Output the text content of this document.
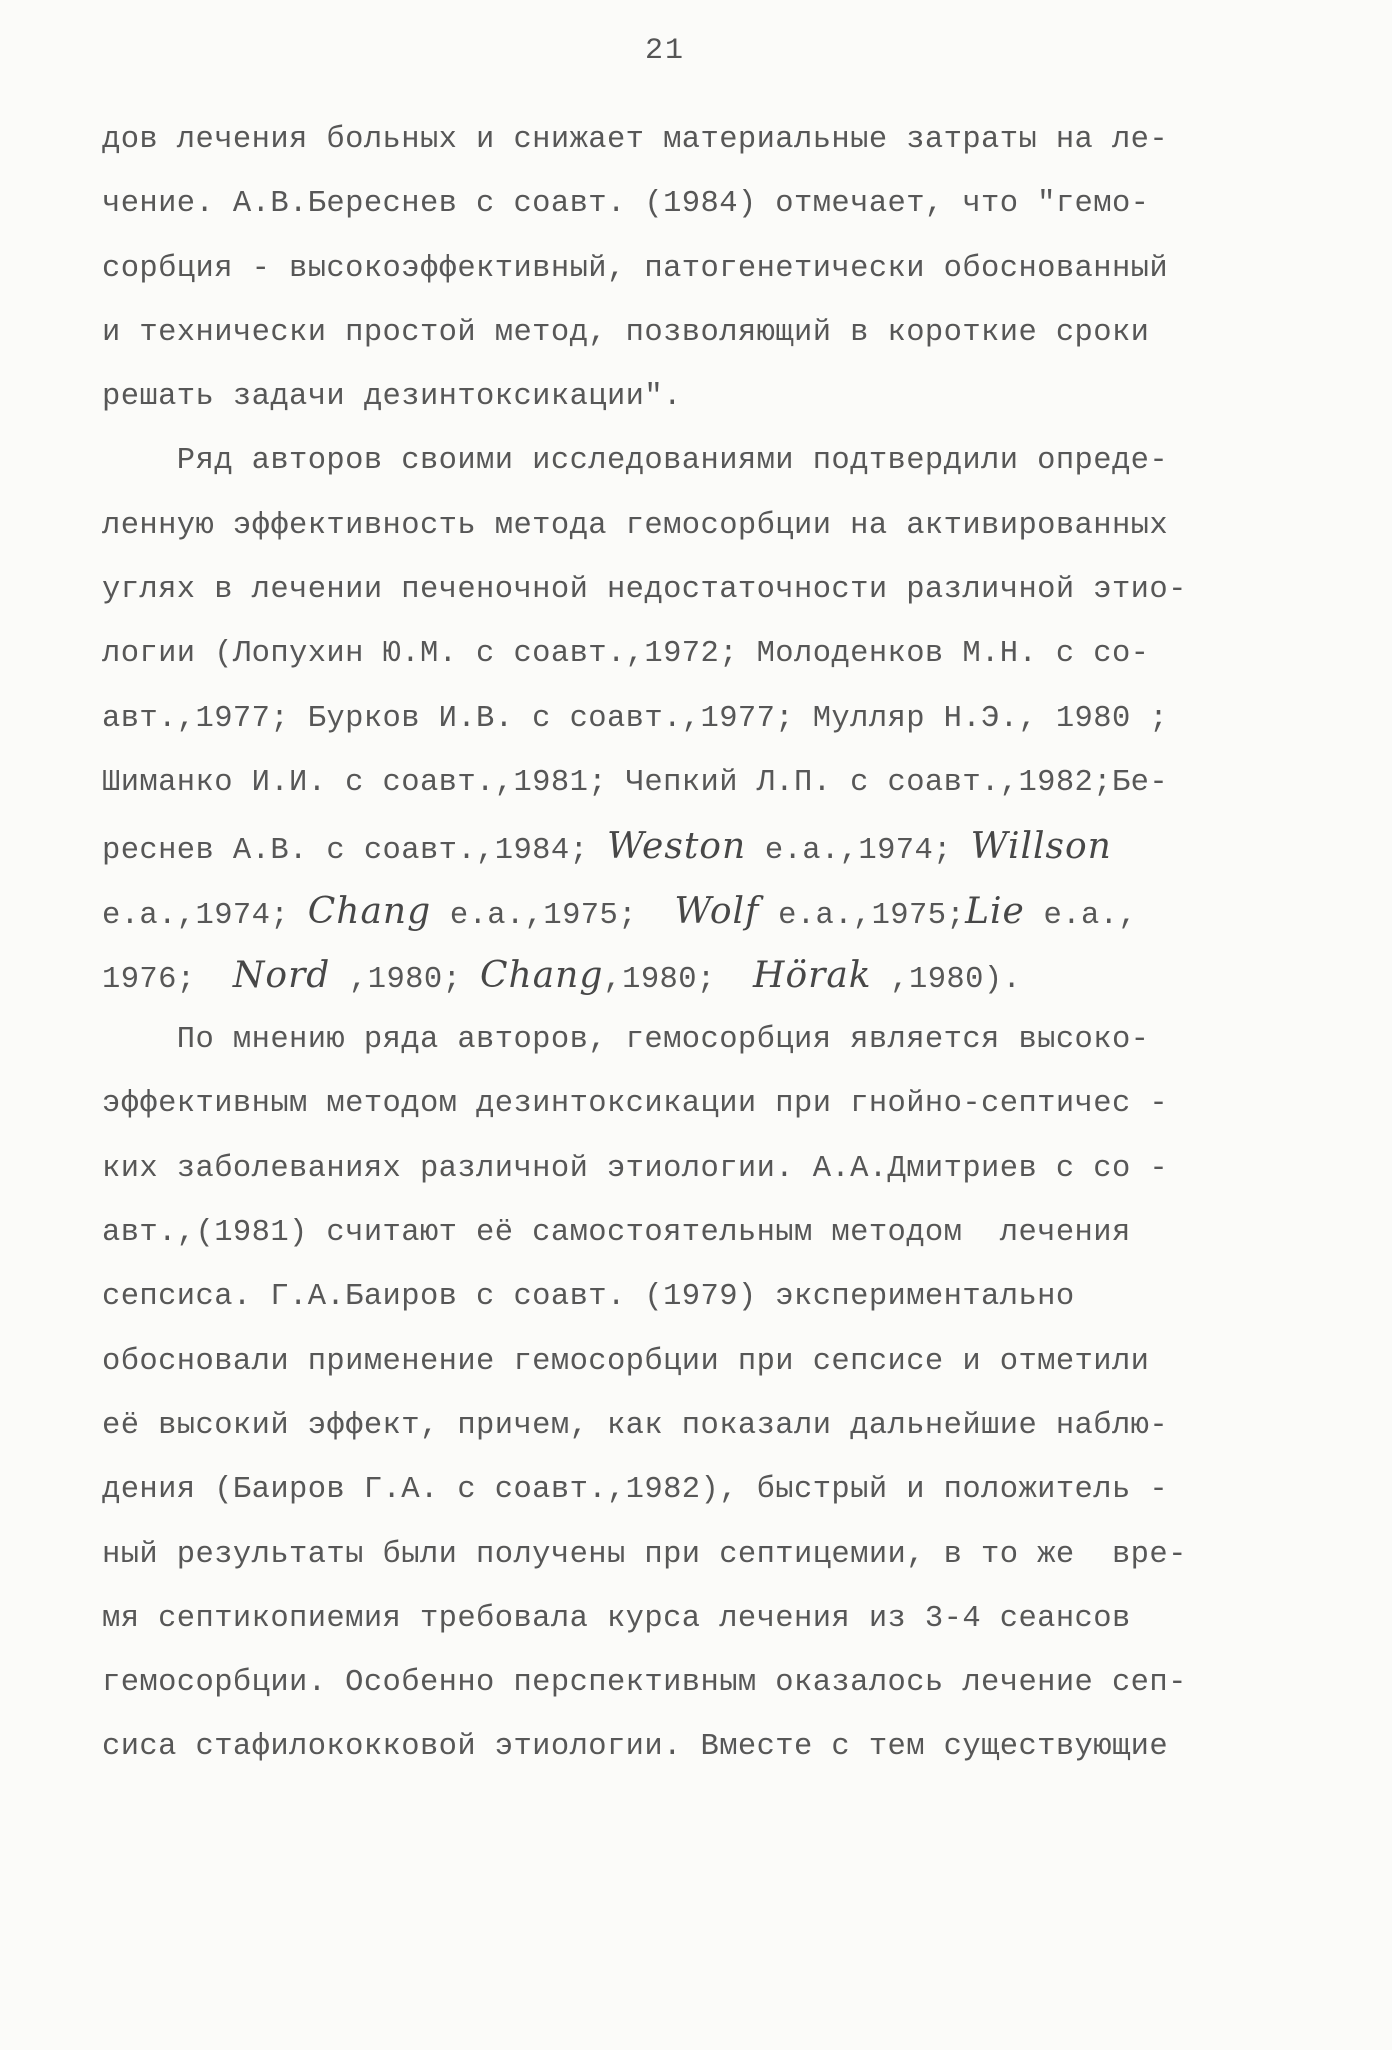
21
дов лечения больных и снижает материальные затраты на ле-
чение. А.В.Береснев с соавт. (1984) отмечает, что "гемо-
сорбция - высокоэффективный, патогенетически обоснованный
и технически простой метод, позволяющий в короткие сроки
решать задачи дезинтоксикации".
Ряд авторов своими исследованиями подтвердили опреде-
ленную эффективность метода гемосорбции на активированных
углях в лечении печеночной недостаточности различной этио-
логии (Лопухин Ю.М. с соавт.,1972; Молоденков М.Н. с со-
авт.,1977; Бурков И.В. с соавт.,1977; Мулляр Н.Э., 1980 ;
Шиманко И.И. с соавт.,1981; Чепкий Л.П. с соавт.,1982;Бе-
реснев А.В. с соавт.,1984; Weston е.а.,1974; Willson
е.а.,1974; Chang е.а.,1975;  Wolf е.а.,1975;Lie е.а.,
1976; Nord ,1980; Chang,1980;  Hörak ,1980).
По мнению ряда авторов, гемосорбция является высоко-
эффективным методом дезинтоксикации при гнойно-септичес -
ких заболеваниях различной этиологии. А.А.Дмитриев с со -
авт.,(1981) считают её самостоятельным методом  лечения
сепсиса. Г.А.Баиров с соавт. (1979) экспериментально
обосновали применение гемосорбции при сепсисе и отметили
её высокий эффект, причем, как показали дальнейшие наблю-
дения (Баиров Г.А. с соавт.,1982), быстрый и положитель -
ный результаты были получены при септицемии, в то же  вре-
мя септикопиемия требовала курса лечения из 3-4 сеансов
гемосорбции. Особенно перспективным оказалось лечение сеп-
сиса стафилококковой этиологии. Вместе с тем существующие
